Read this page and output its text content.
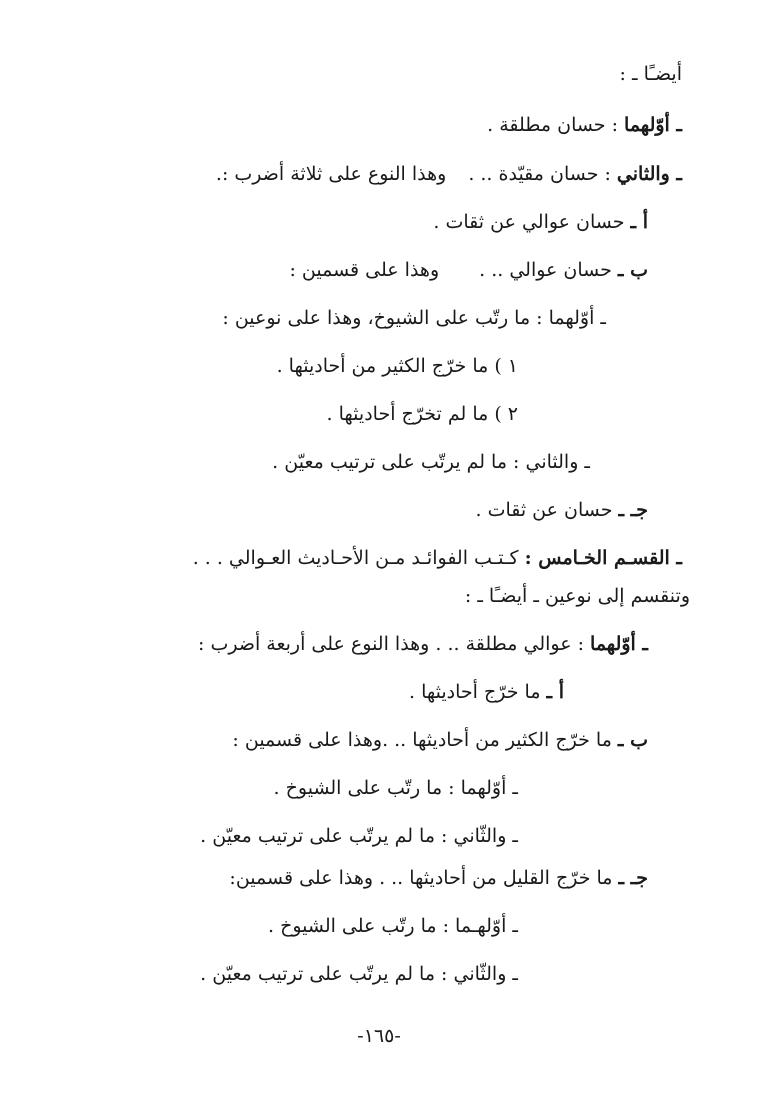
أيضـًا ـ :
ـ أوّلهما : حسان مطلقة .
ـ والثاني : حسان مقيّدة .. .وهذا النوع على ثلاثة أضرب :.
أ ـ حسان عوالي عن ثقات .
ب ـ حسان عوالي .. .وهذا على قسمين :
ـ أوّلهما : ما رتّب على الشيوخ، وهذا على نوعين :
١ ) ما خرّج الكثير من أحاديثها .
٢ ) ما لم تخرّج أحاديثها .
ـ والثاني : ما لم يرتّب على ترتيب معيّن .
جـ ـ حسان عن ثقات .
ـ القسـم الخـامس : كـتـب الفوائـد مـن الأحـاديث العـوالي . . .
وتنقسم إلى نوعين ـ أيضـًا ـ :
ـ أوّلهما : عوالي مطلقة .. . وهذا النوع على أربعة أضرب :
أ ـ ما خرّج أحاديثها .
ب ـ ما خرّج الكثير من أحاديثها .. .وهذا على قسمين :
ـ أوّلهما : ما رتّب على الشيوخ .
ـ والثّاني : ما لم يرتّب على ترتيب معيّن .
جـ ـ ما خرّج القليل من أحاديثها .. . وهذا على قسمين:
ـ أوّلهـما : ما رتّب على الشيوخ .
ـ والثّاني : ما لم يرتّب على ترتيب معيّن .
-١٦٥-
